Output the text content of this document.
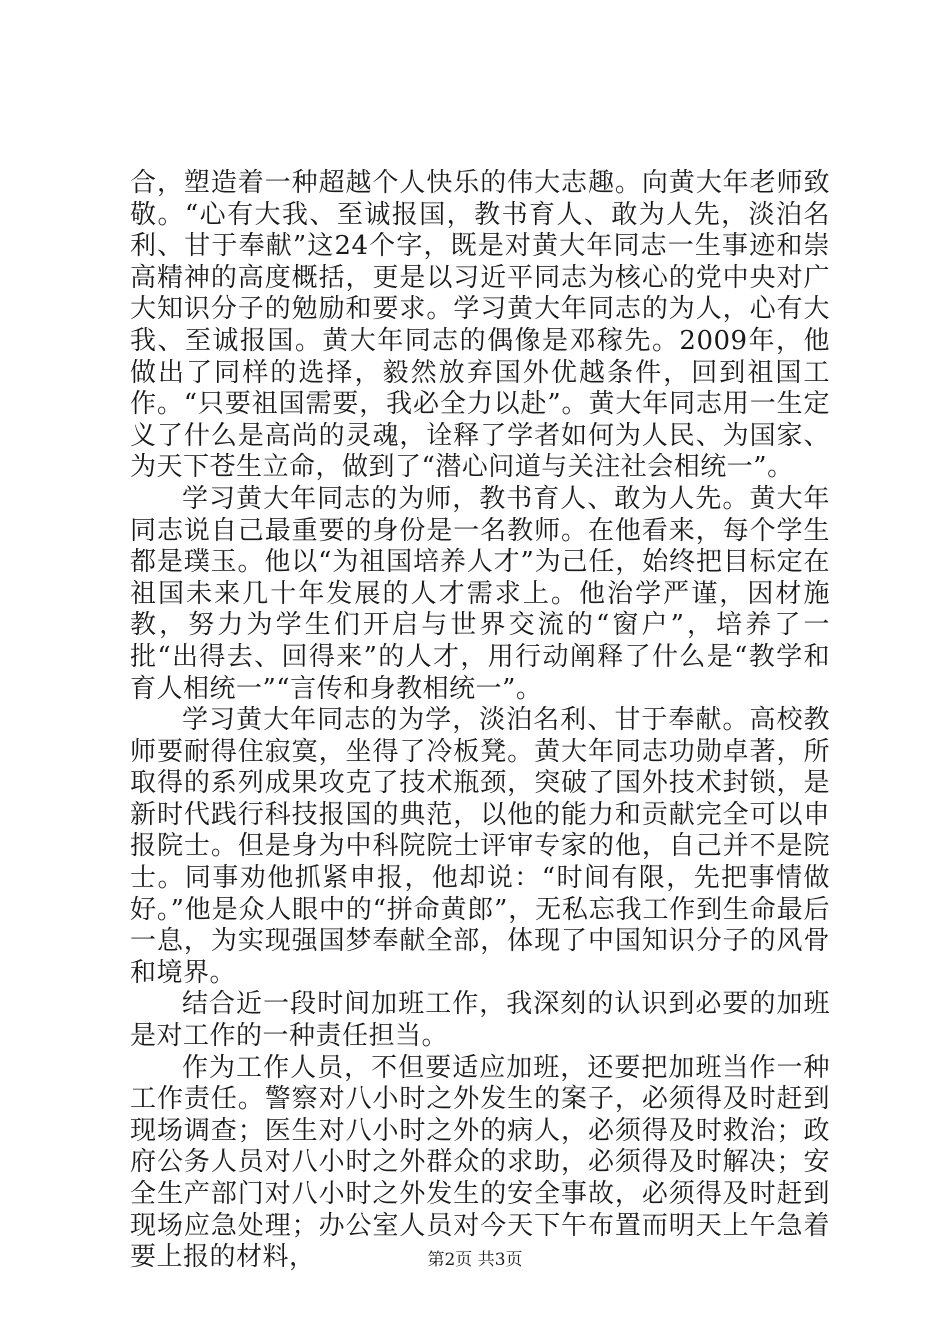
合，塑造着一种超越个人快乐的伟大志趣。向黄大年老师致敬。“心有大我、至诚报国，教书育人、敢为人先，淡泊名利、甘于奉献”这24个字，既是对黄大年同志一生事迹和崇高精神的高度概括，更是以习近平同志为核心的党中央对广大知识分子的勉励和要求。学习黄大年同志的为人，心有大我、至诚报国。黄大年同志的偶像是邓稼先。2009年，他做出了同样的选择，毅然放弃国外优越条件，回到祖国工作。“只要祖国需要，我必全力以赴”。黄大年同志用一生定义了什么是高尚的灵魂，诠释了学者如何为人民、为国家、为天下苍生立命，做到了“潜心问道与关注社会相统一”。

学习黄大年同志的为师，教书育人、敢为人先。黄大年同志说自己最重要的身份是一名教师。在他看来，每个学生都是璞玉。他以“为祖国培养人才”为己任，始终把目标定在祖国未来几十年发展的人才需求上。他治学严谨，因材施教，努力为学生们开启与世界交流的“窗户”，培养了一批“出得去、回得来”的人才，用行动阐释了什么是“教学和育人相统一”“言传和身教相统一”。

学习黄大年同志的为学，淡泊名利、甘于奉献。高校教师要耐得住寂寞，坐得了冷板凳。黄大年同志功勋卓著，所取得的系列成果攻克了技术瓶颈，突破了国外技术封锁，是新时代践行科技报国的典范，以他的能力和贡献完全可以申报院士。但是身为中科院院士评审专家的他，自己并不是院士。同事劝他抓紧申报，他却说：“时间有限，先把事情做好。”他是众人眼中的“拼命黄郎”，无私忘我工作到生命最后一息，为实现强国梦奉献全部，体现了中国知识分子的风骨和境界。

结合近一段时间加班工作，我深刻的认识到必要的加班是对工作的一种责任担当。

作为工作人员，不但要适应加班，还要把加班当作一种工作责任。警察对八小时之外发生的案子，必须得及时赶到现场调查；医生对八小时之外的病人，必须得及时救治；政府公务人员对八小时之外群众的求助，必须得及时解决；安全生产部门对八小时之外发生的安全事故，必须得及时赶到现场应急处理；办公室人员对今天下午布置而明天上午急着要上报的材料，	第2页 共3页
